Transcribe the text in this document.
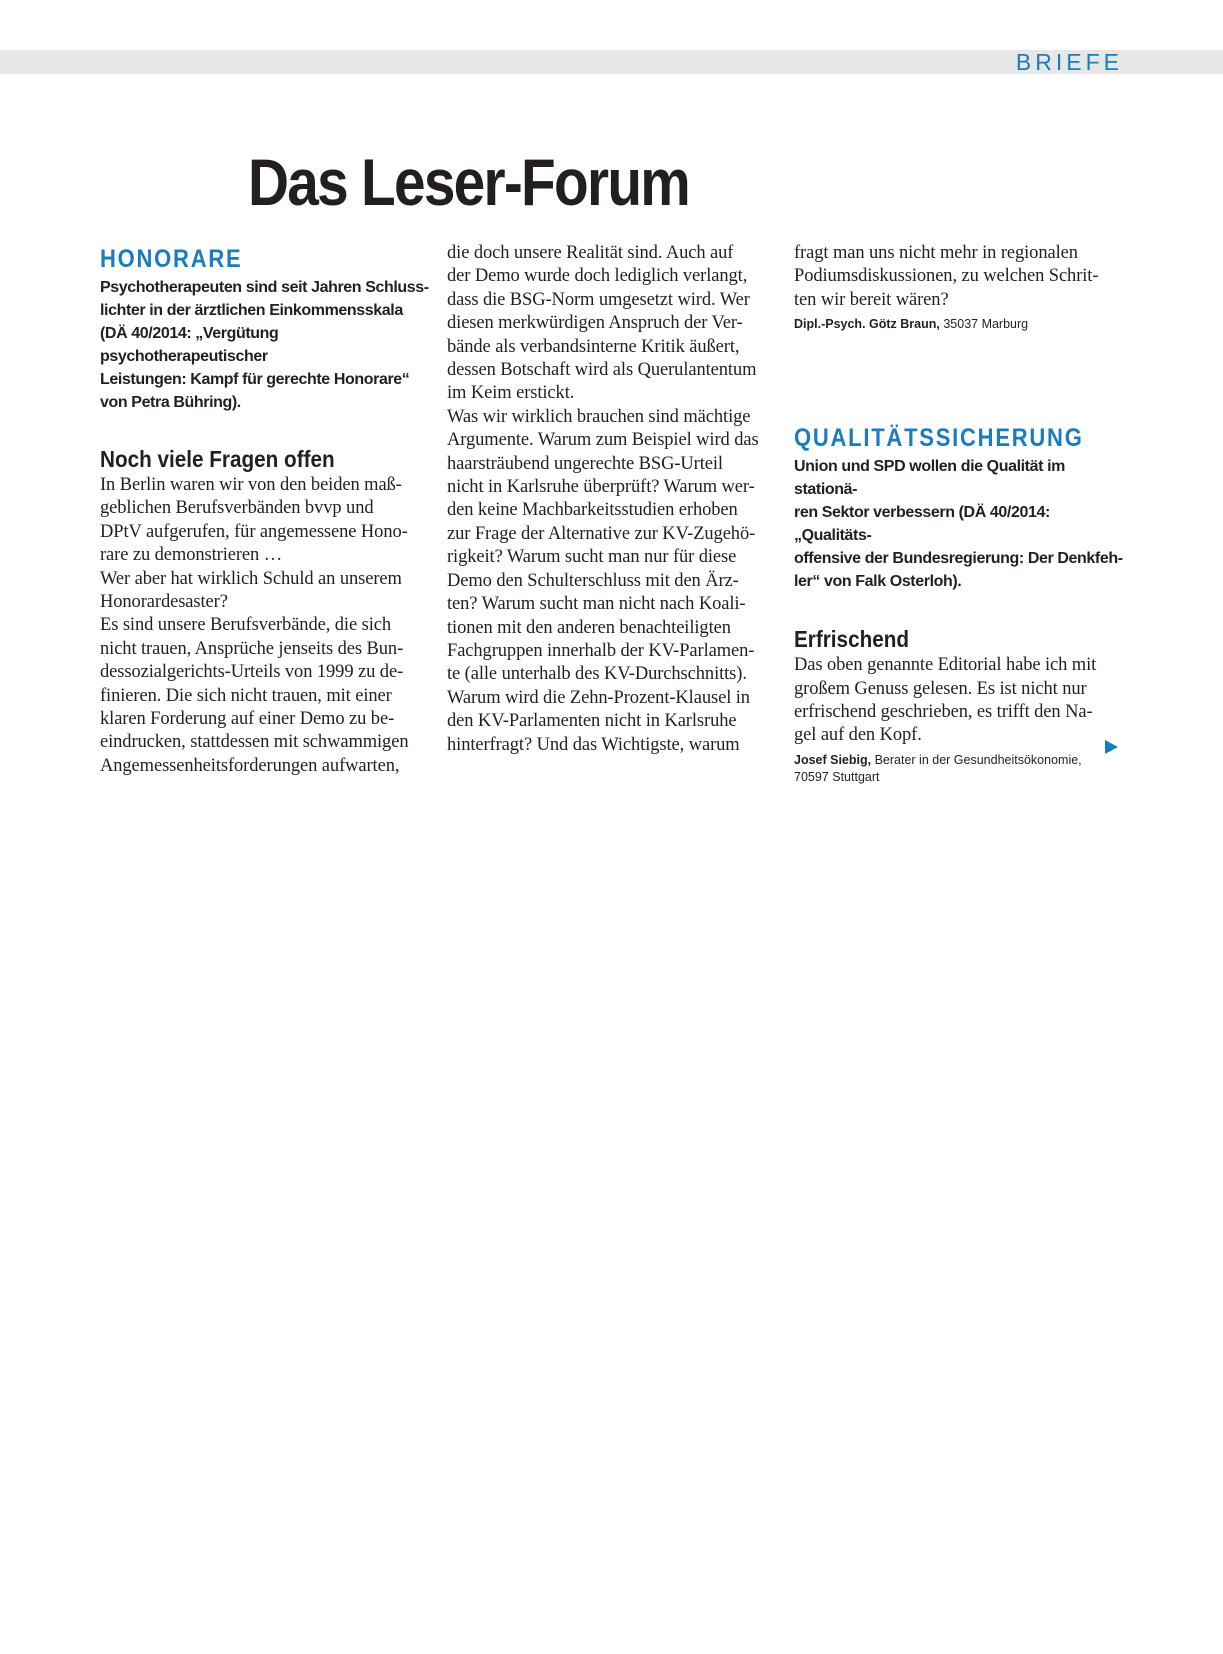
BRIEFE
Das Leser-Forum
HONORARE

Psychotherapeuten sind seit Jahren Schluss-
lichter in der ärztlichen Einkommensskala
(DÄ 40/2014: „Vergütung psychotherapeutischer
Leistungen: Kampf für gerechte Honorare“
von Petra Bühring).

Noch viele Fragen offen

In Berlin waren wir von den beiden maß-
geblichen Berufsverbänden bvvp und
DPtV aufgerufen, für angemessene Hono-
rare zu demonstrieren …
Wer aber hat wirklich Schuld an unserem
Honorardesaster?
Es sind unsere Berufsverbände, die sich
nicht trauen, Ansprüche jenseits des Bun-
dessozialgerichts-Urteils von 1999 zu de-
finieren. Die sich nicht trauen, mit einer
klaren Forderung auf einer Demo zu be-
eindrucken, stattdessen mit schwammigen
Angemessenheitsforderungen aufwarten,

die doch unsere Realität sind. Auch auf
der Demo wurde doch lediglich verlangt,
dass die BSG-Norm umgesetzt wird. Wer
diesen merkwürdigen Anspruch der Ver-
bände als verbandsinterne Kritik äußert,
dessen Botschaft wird als Querulantentum
im Keim erstickt.
Was wir wirklich brauchen sind mächtige
Argumente. Warum zum Beispiel wird das
haarsträubend ungerechte BSG-Urteil
nicht in Karlsruhe überprüft? Warum wer-
den keine Machbarkeitsstudien erhoben
zur Frage der Alternative zur KV-Zugehö-
rigkeit? Warum sucht man nur für diese
Demo den Schulterschluss mit den Ärz-
ten? Warum sucht man nicht nach Koali-
tionen mit den anderen benachteiligten
Fachgruppen innerhalb der KV-Parlamen-
te (alle unterhalb des KV-Durchschnitts).
Warum wird die Zehn-Prozent-Klausel in
den KV-Parlamenten nicht in Karlsruhe
hinterfragt? Und das Wichtigste, warum

fragt man uns nicht mehr in regionalen
Podiumsdiskussionen, zu welchen Schrit-
ten wir bereit wären?

Dipl.-Psych. Götz Braun, 35037 Marburg

QUALITÄTSSICHERUNG

Union und SPD wollen die Qualität im stationä-
ren Sektor verbessern (DÄ 40/2014: „Qualitäts-
offensive der Bundesregierung: Der Denkfeh-
ler“ von Falk Osterloh).

Erfrischend

Das oben genannte Editorial habe ich mit
großem Genuss gelesen. Es ist nicht nur
erfrischend geschrieben, es trifft den Na-
gel auf den Kopf.

Josef Siebig, Berater in der Gesundheitsökonomie,
70597 Stuttgart
